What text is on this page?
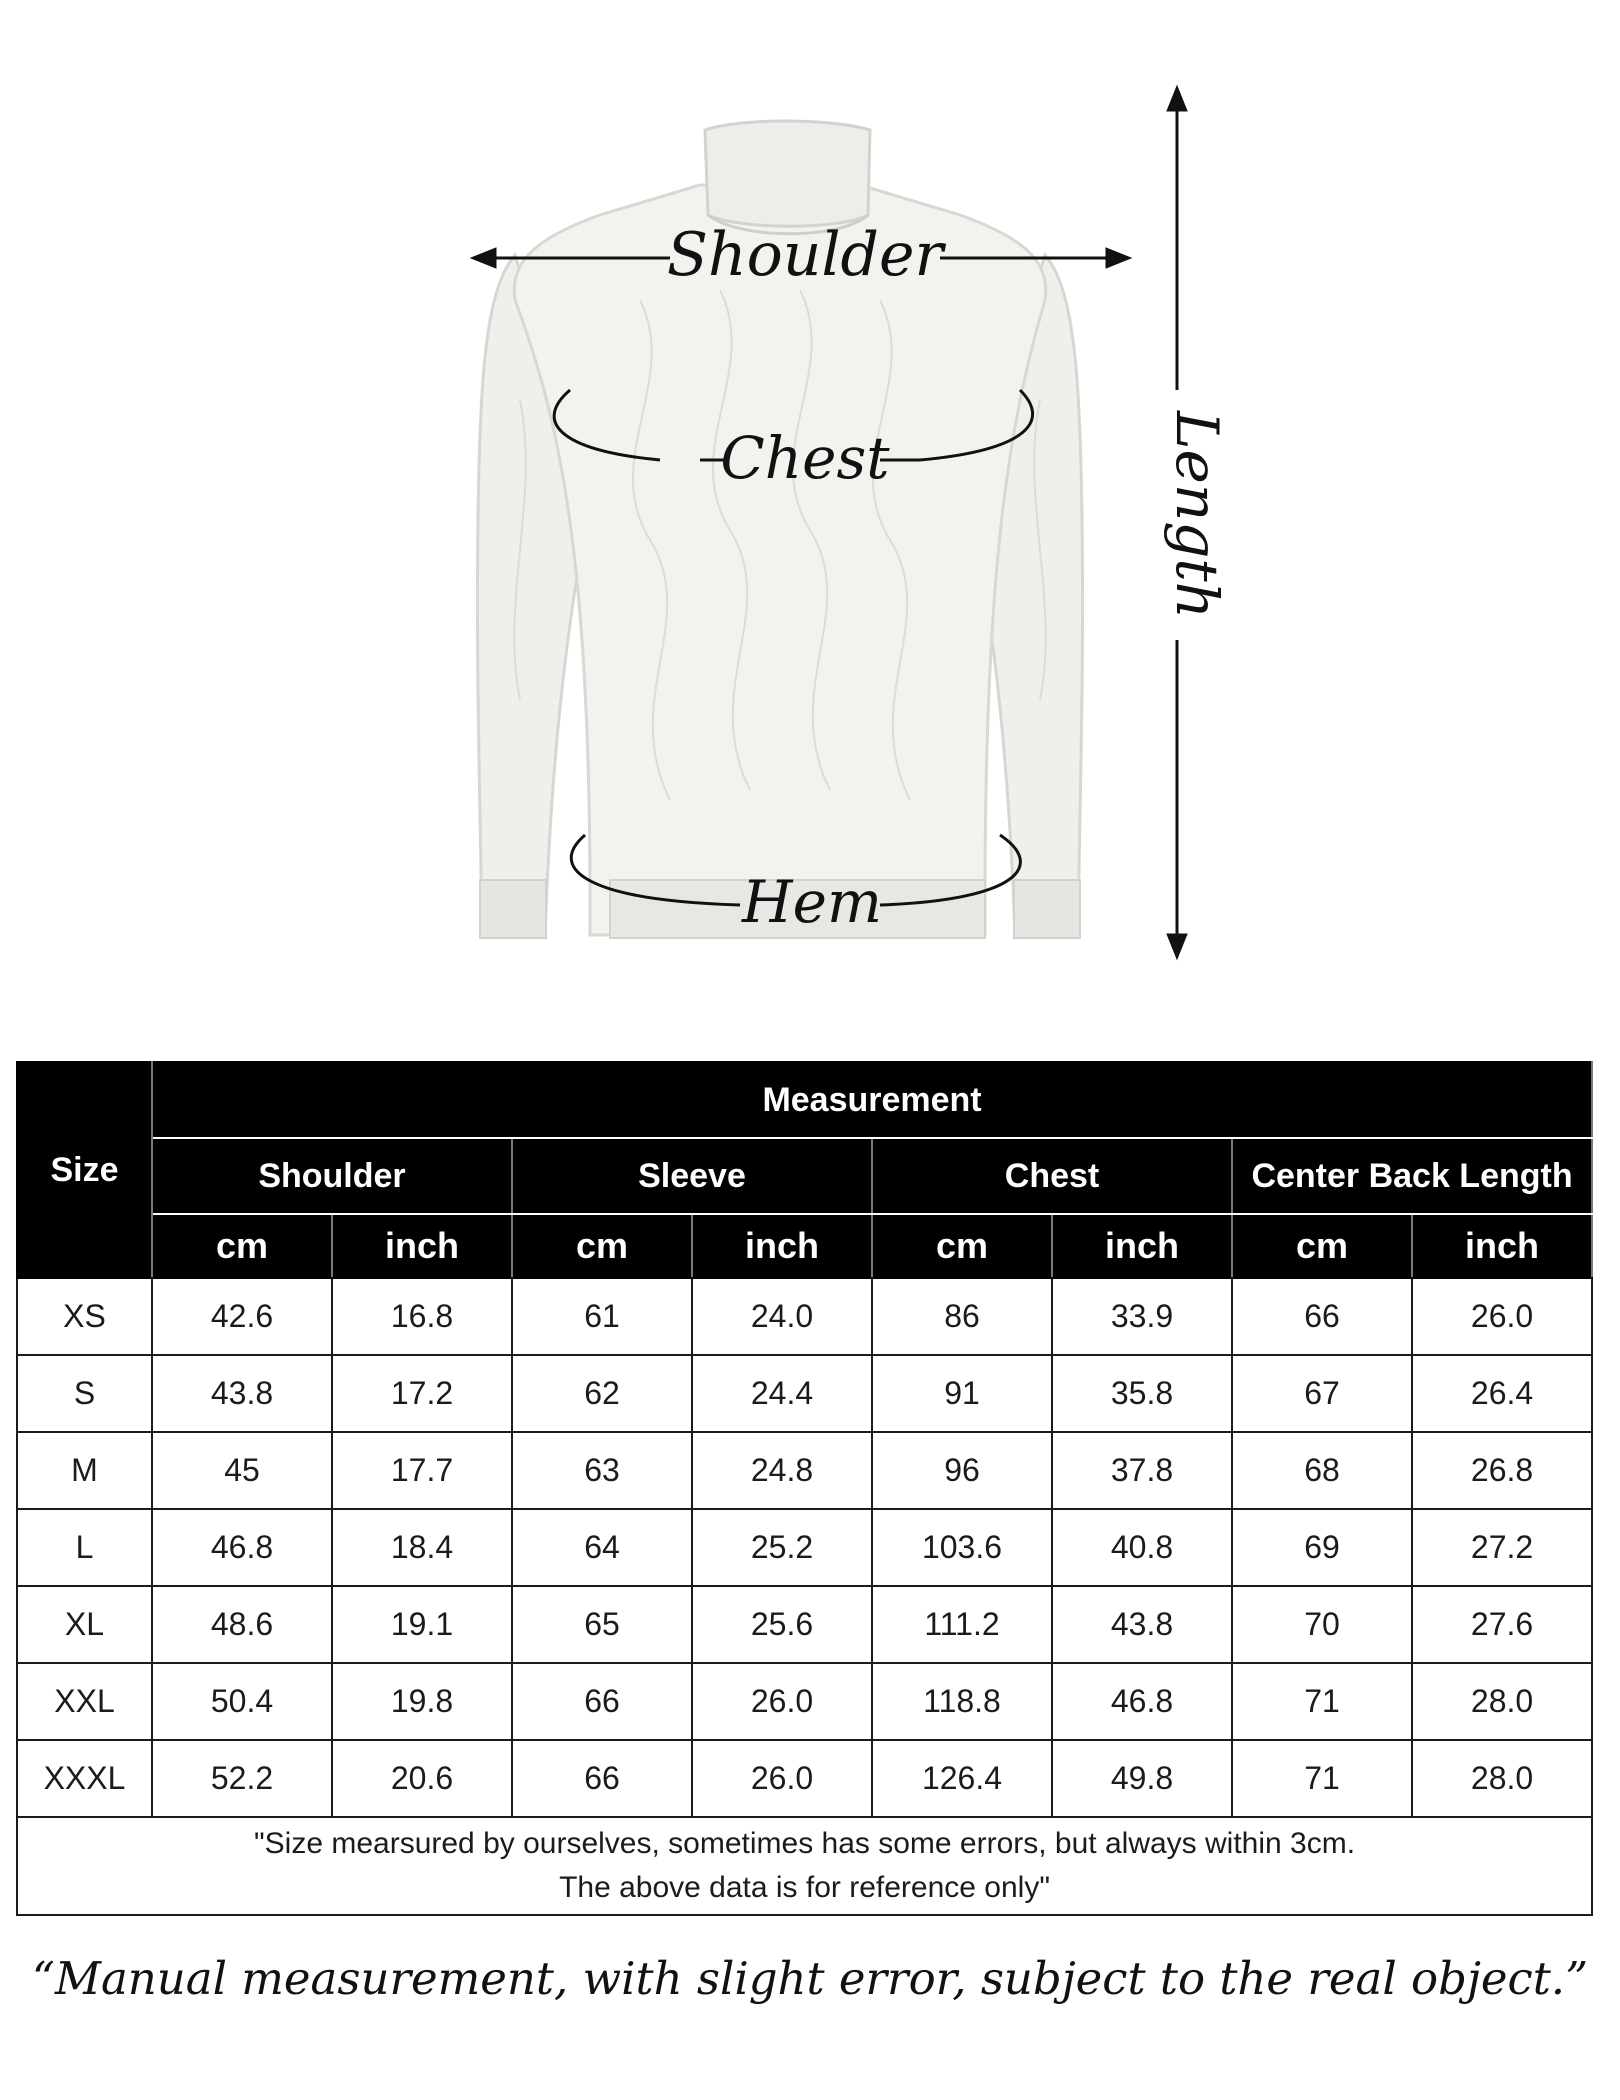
Shoulder
Chest
Hem
Length
Size	Measurement							
	Shoulder		Sleeve		Chest		Center Back Length	
	cm	inch	cm	inch	cm	inch	cm	inch
XS	42.6	16.8	61	24.0	86	33.9	66	26.0
S	43.8	17.2	62	24.4	91	35.8	67	26.4
M	45	17.7	63	24.8	96	37.8	68	26.8
L	46.8	18.4	64	25.2	103.6	40.8	69	27.2
XL	48.6	19.1	65	25.6	111.2	43.8	70	27.6
XXL	50.4	19.8	66	26.0	118.8	46.8	71	28.0
XXXL	52.2	20.6	66	26.0	126.4	49.8	71	28.0

"Size mearsured by ourselves, sometimes has some errors, but always within 3cm.
The above data is for reference only"								
“Manual measurement, with slight error, subject to the real object.”
